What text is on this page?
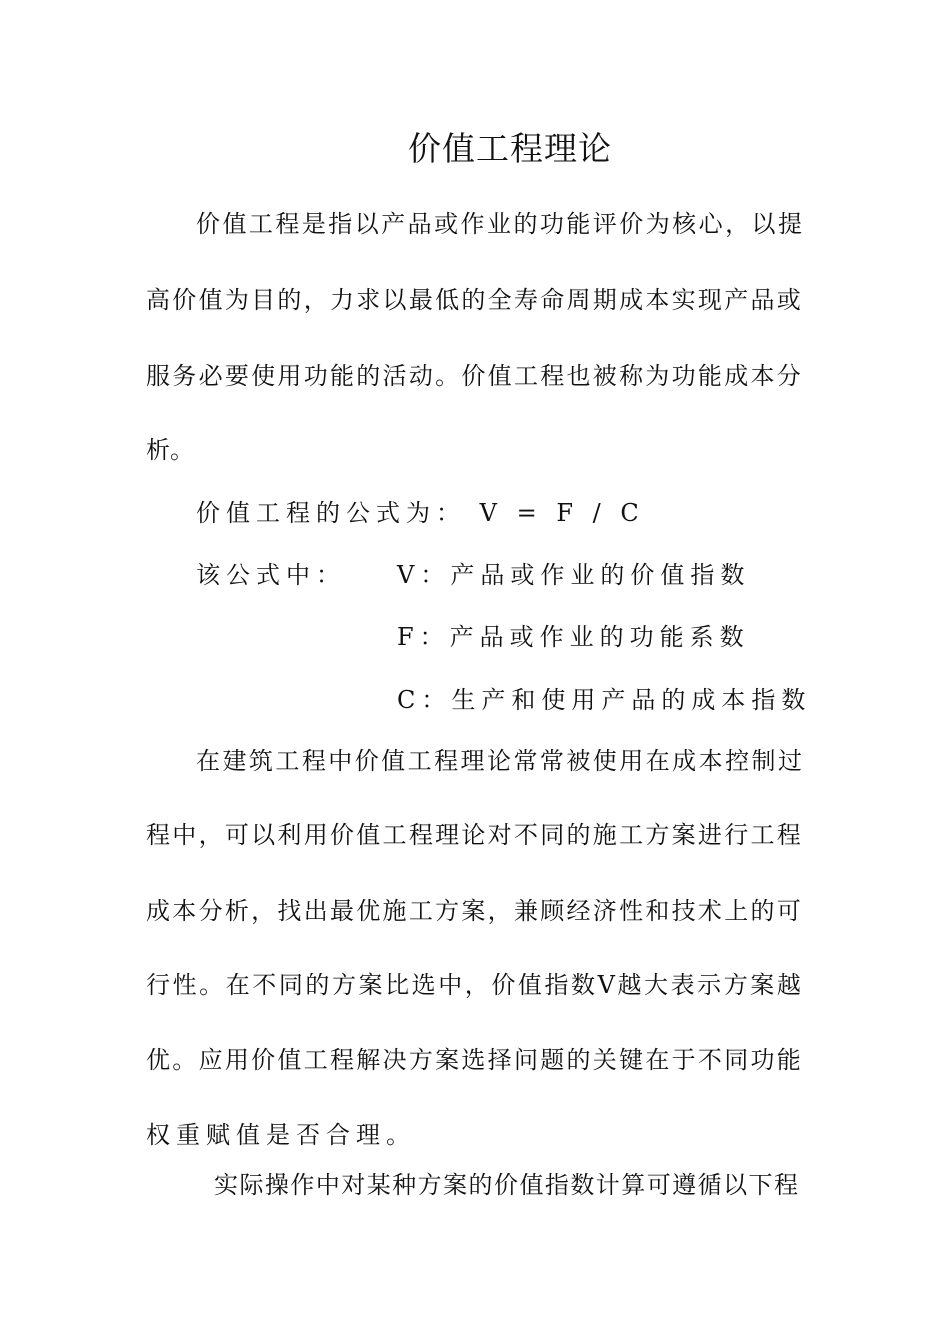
价值工程理论

价 值 工 程 是 指 以 产 品 或 作 业 的 功 能 评 价 为 核 心 ， 以 提

高 价 值 为 目 的 ， 力 求 以 最 低 的 全 寿 命 周 期 成 本 实 现 产 品 或

服 务 必 要 使 用 功 能 的 活 动 。 价 值 工 程 也 被 称 为 功 能 成 本 分

析。

价值工程的公式为： V = F / C

该公式中： V：产品或作业的价值指数

F：产品或作业的功能系数

C：生产和使用产品的成本指数

在 建 筑 工 程 中 价 值 工 程 理 论 常 常 被 使 用 在 成 本 控 制 过

程 中 ， 可 以 利 用 价 值 工 程 理 论 对 不 同 的 施 工 方 案 进 行 工 程

成 本 分 析 ， 找 出 最 优 施 工 方 案 ， 兼 顾 经 济 性 和 技 术 上 的 可

行 性 。 在 不 同 的 方 案 比 选 中 ， 价 值 指 数 V 越 大 表 示 方 案 越

优 。 应 用 价 值 工 程 解 决 方 案 选 择 问 题 的 关 键 在 于 不 同 功 能

权重赋值是否合理。

实 际 操 作 中 对 某 种 方 案 的 价 值 指 数 计 算 可 遵 循 以 下 程
